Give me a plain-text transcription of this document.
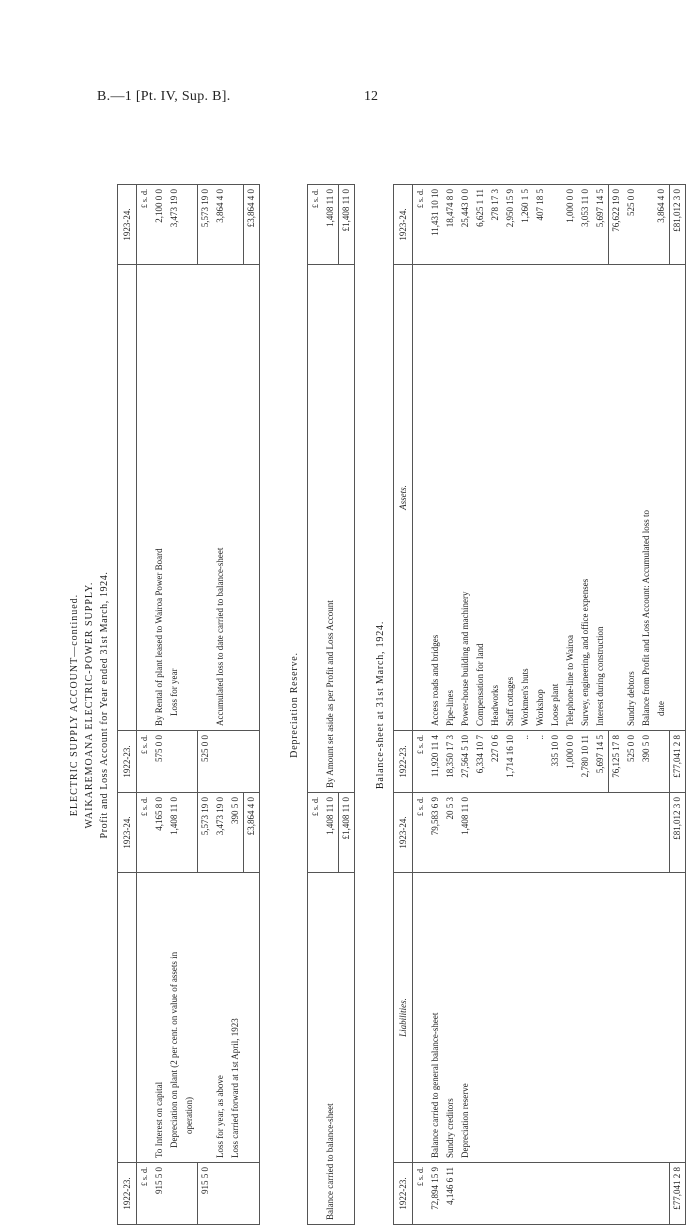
B.—1 [Pt. IV, Sup. B].	12
ELECTRIC SUPPLY ACCOUNT—continued. WAIKAREMOANA ELECTRIC-POWER SUPPLY. Profit and Loss Account for Year ended 31st March, 1924.
1922-23.		1923-24.	1922-23.		1923-24.
£ s. d.		£ s. d.	£ s. d.		£ s. d.
915 5 0	To Interest on capital	4,165 8 0	575 0 0	By Rental of plant leased to Wairoa Power Board	2,100 0 0
	Depreciation on plant (2 per cent. on value of assets in	1,408 11 0		Loss for year	3,473 19 0
	operation)				
915 5 0		5,573 19 0	525 0 0		5,573 19 0
	Loss for year, as above	3,473 19 0		Accumulated loss to date carried to balance-sheet	3,864 4 0
	Loss carried forward at 1st April, 1923	390 5 0			
		£3,864 4 0			£3,864 4 0
Depreciation Reserve.
	£ s. d.		£ s. d.
Balance carried to balance-sheet	1,408 11 0	By Amount set aside as per Profit and Loss Account	1,408 11 0
	£1,408 11 0		£1,408 11 0
Balance-sheet at 31st March, 1924.
1922-23.	Liabilities.	1923-24.	1922-23.	Assets.	1923-24.
£ s. d.		£ s. d.	£ s. d.		£ s. d.
72,894 15 9	Balance carried to general balance-sheet	79,583 6 9	11,920 11 4	Access roads and bridges	11,431 10 10
4,146 6 11	Sundry creditors	20 5 3	18,350 17 3	Pipe-lines	18,474 8 0
	Depreciation reserve	1,408 11 0	27,564 5 10	Power-house building and machinery	25,443 0 0
			6,334 10 7	Compensation for land	6,625 1 11
			227 0 6	Headworks	278 17 3
			1,714 16 10	Staff cottages	2,950 15 9
			..	Workmen's huts	1,260 1 5
			..	Workshop	407 18 5
			335 10 0	Loose plant	
			1,000 0 0	Telephone-line to Wairoa	1,000 0 0
			2,780 10 11	Survey, engineering, and office expenses	3,053 11 0
			5,697 14 5	Interest during construction	5,697 14 5
			76,125 17 8		76,622 19 0
			525 0 0	Sundry debtors	525 0 0
			390 5 0	Balance from Profit and Loss Account: Accumulated loss to	
				date	3,864 4 0
£77,041 2 8		£81,012 3 0	£77,041 2 8		£81,012 3 0
